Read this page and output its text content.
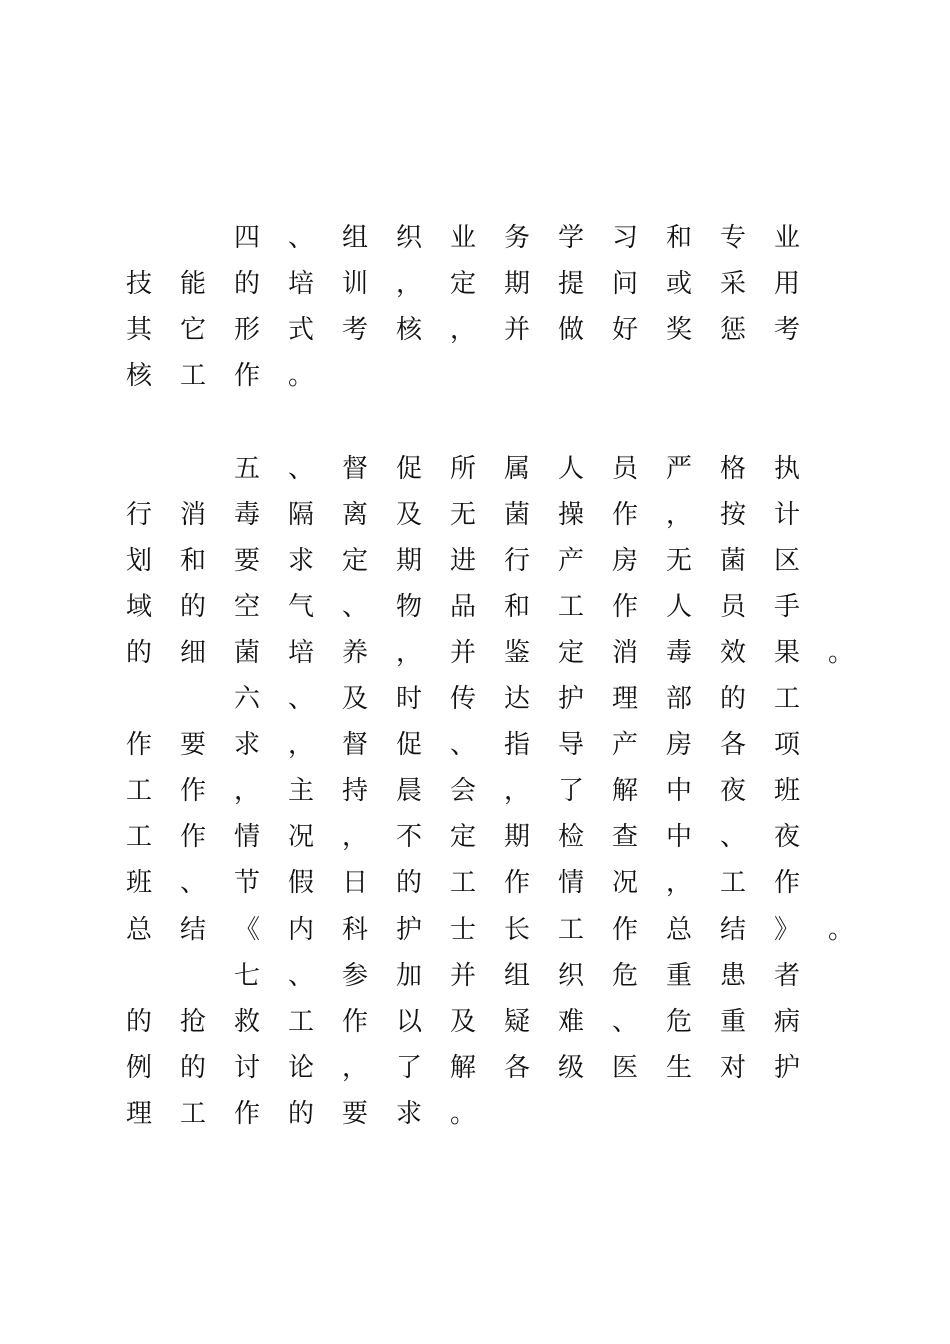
四 、 组 织 业 务 学 习 和 专 业
技 能 的 培 训 ， 定 期 提 问 或 采 用
其 它 形 式 考 核 ， 并 做 好 奖 惩 考
核 工 作 。

五 、 督 促 所 属 人 员 严 格 执
行 消 毒 隔 离 及 无 菌 操 作 ， 按 计
划 和 要 求 定 期 进 行 产 房 无 菌 区
域 的 空 气 、 物 品 和 工 作 人 员 手
的 细 菌 培 养 ， 并 鉴 定 消 毒 效 果 。

六 、 及 时 传 达 护 理 部 的 工
作 要 求 ， 督 促 、 指 导 产 房 各 项
工 作 ， 主 持 晨 会 ， 了 解 中 夜 班
工 作 情 况 ， 不 定 期 检 查 中 、 夜
班 、 节 假 日 的 工 作 情 况 ， 工 作
总 结 《 内 科 护 士 长 工 作 总 结 》 。

七 、 参 加 并 组 织 危 重 患 者
的 抢 救 工 作 以 及 疑 难 、 危 重 病
例 的 讨 论 ， 了 解 各 级 医 生 对 护
理 工 作 的 要 求 。
